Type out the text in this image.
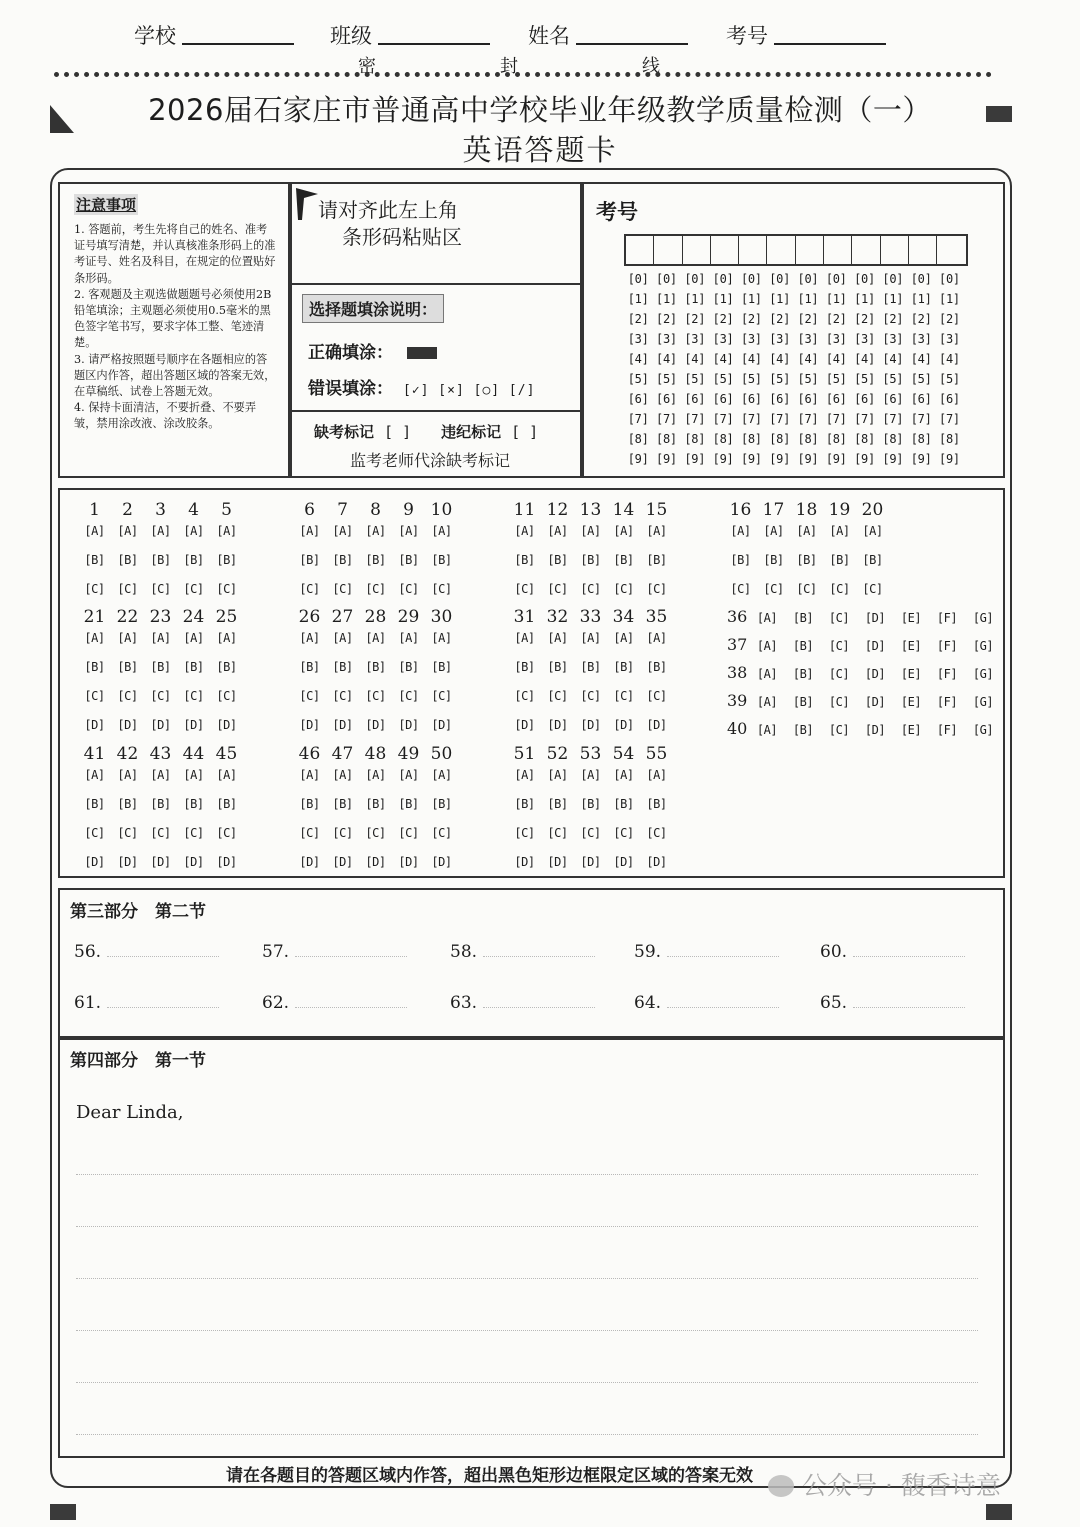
学校	班级	姓名	考号
密	封	线
2026届石家庄市普通高中学校毕业年级教学质量检测（一）
英语答题卡
注意事项

1. 答题前，考生先将自己的姓名、准考证号填写清楚，并认真核准条形码上的准考证号、姓名及科目，在规定的位置贴好条形码。

2. 客观题及主观选做题题号必须使用2B铅笔填涂；主观题必须使用0.5毫米的黑色签字笔书写，要求字体工整、笔迹清楚。

3. 请严格按照题号顺序在各题相应的答题区内作答，超出答题区域的答案无效，在草稿纸、试卷上答题无效。

4. 保持卡面清洁，不要折叠、不要弄皱，禁用涂改液、涂改胶条。

请对齐此左上角
条形码粘贴区
选择题填涂说明：
正确填涂：
错误填涂： [✓] [×] [○] [/]
缺考标记 [ ] 违纪标记 [ ]
监考老师代涂缺考标记
考号
[0] [0] [0] [0] [0] [0] [0] [0] [0] [0] [0] [0]
[1] [1] [1] [1] [1] [1] [1] [1] [1] [1] [1] [1]
[2] [2] [2] [2] [2] [2] [2] [2] [2] [2] [2] [2]
[3] [3] [3] [3] [3] [3] [3] [3] [3] [3] [3] [3]
[4] [4] [4] [4] [4] [4] [4] [4] [4] [4] [4] [4]
[5] [5] [5] [5] [5] [5] [5] [5] [5] [5] [5] [5]
[6] [6] [6] [6] [6] [6] [6] [6] [6] [6] [6] [6]
[7] [7] [7] [7] [7] [7] [7] [7] [7] [7] [7] [7]
[8] [8] [8] [8] [8] [8] [8] [8] [8] [8] [8] [8]
[9] [9] [9] [9] [9] [9] [9] [9] [9] [9] [9] [9]
1	2	3	4	5
[A]	[A]	[A]	[A]	[A]
[B]	[B]	[B]	[B]	[B]
[C]	[C]	[C]	[C]	[C]
6	7	8	9 10
[A]	[A]	[A]	[A]	[A]
[B]	[B]	[B]	[B]	[B]
[C]	[C]	[C]	[C]	[C]
11 12 13 14 15
[A]	[A]	[A]	[A]	[A]
[B]	[B]	[B]	[B]	[B]
[C]	[C]	[C]	[C]	[C]
16 17 18 19 20
[A]	[A]	[A]	[A]	[A]
[B]	[B]	[B]	[B]	[B]
[C]	[C]	[C]	[C]	[C]
21 22 23 24 25
[A]	[A]	[A]	[A]	[A]
[B]	[B]	[B]	[B]	[B]
[C]	[C]	[C]	[C]	[C]
[D]	[D]	[D]	[D]	[D]
26 27 28 29 30
[A]	[A]	[A]	[A]	[A]
[B]	[B]	[B]	[B]	[B]
[C]	[C]	[C]	[C]	[C]
[D]	[D]	[D]	[D]	[D]
31 32 33 34 35
[A]	[A]	[A]	[A]	[A]
[B]	[B]	[B]	[B]	[B]
[C]	[C]	[C]	[C]	[C]
[D]	[D]	[D]	[D]	[D]
41 42 43 44 45
[A]	[A]	[A]	[A]	[A]
[B]	[B]	[B]	[B]	[B]
[C]	[C]	[C]	[C]	[C]
[D]	[D]	[D]	[D]	[D]
46 47 48 49 50
[A]	[A]	[A]	[A]	[A]
[B]	[B]	[B]	[B]	[B]
[C]	[C]	[C]	[C]	[C]
[D]	[D]	[D]	[D]	[D]
51 52 53 54 55
[A]	[A]	[A]	[A]	[A]
[B]	[B]	[B]	[B]	[B]
[C]	[C]	[C]	[C]	[C]
[D]	[D]	[D]	[D]	[D]
36 [A]	[B]	[C]	[D]	[E]	[F]	[G]
37 [A]	[B]	[C]	[D]	[E]	[F]	[G]
38 [A]	[B]	[C]	[D]	[E]	[F]	[G]
39 [A]	[B]	[C]	[D]	[E]	[F]	[G]
40 [A]	[B]	[C]	[D]	[E]	[F]	[G]
第三部分　第二节
56.	57.	58.	59.	60.
61.	62.	63.	64.	65.
第四部分　第一节
Dear Linda,
请在各题目的答题区域内作答，超出黑色矩形边框限定区域的答案无效	公众号 · 馥香诗意
